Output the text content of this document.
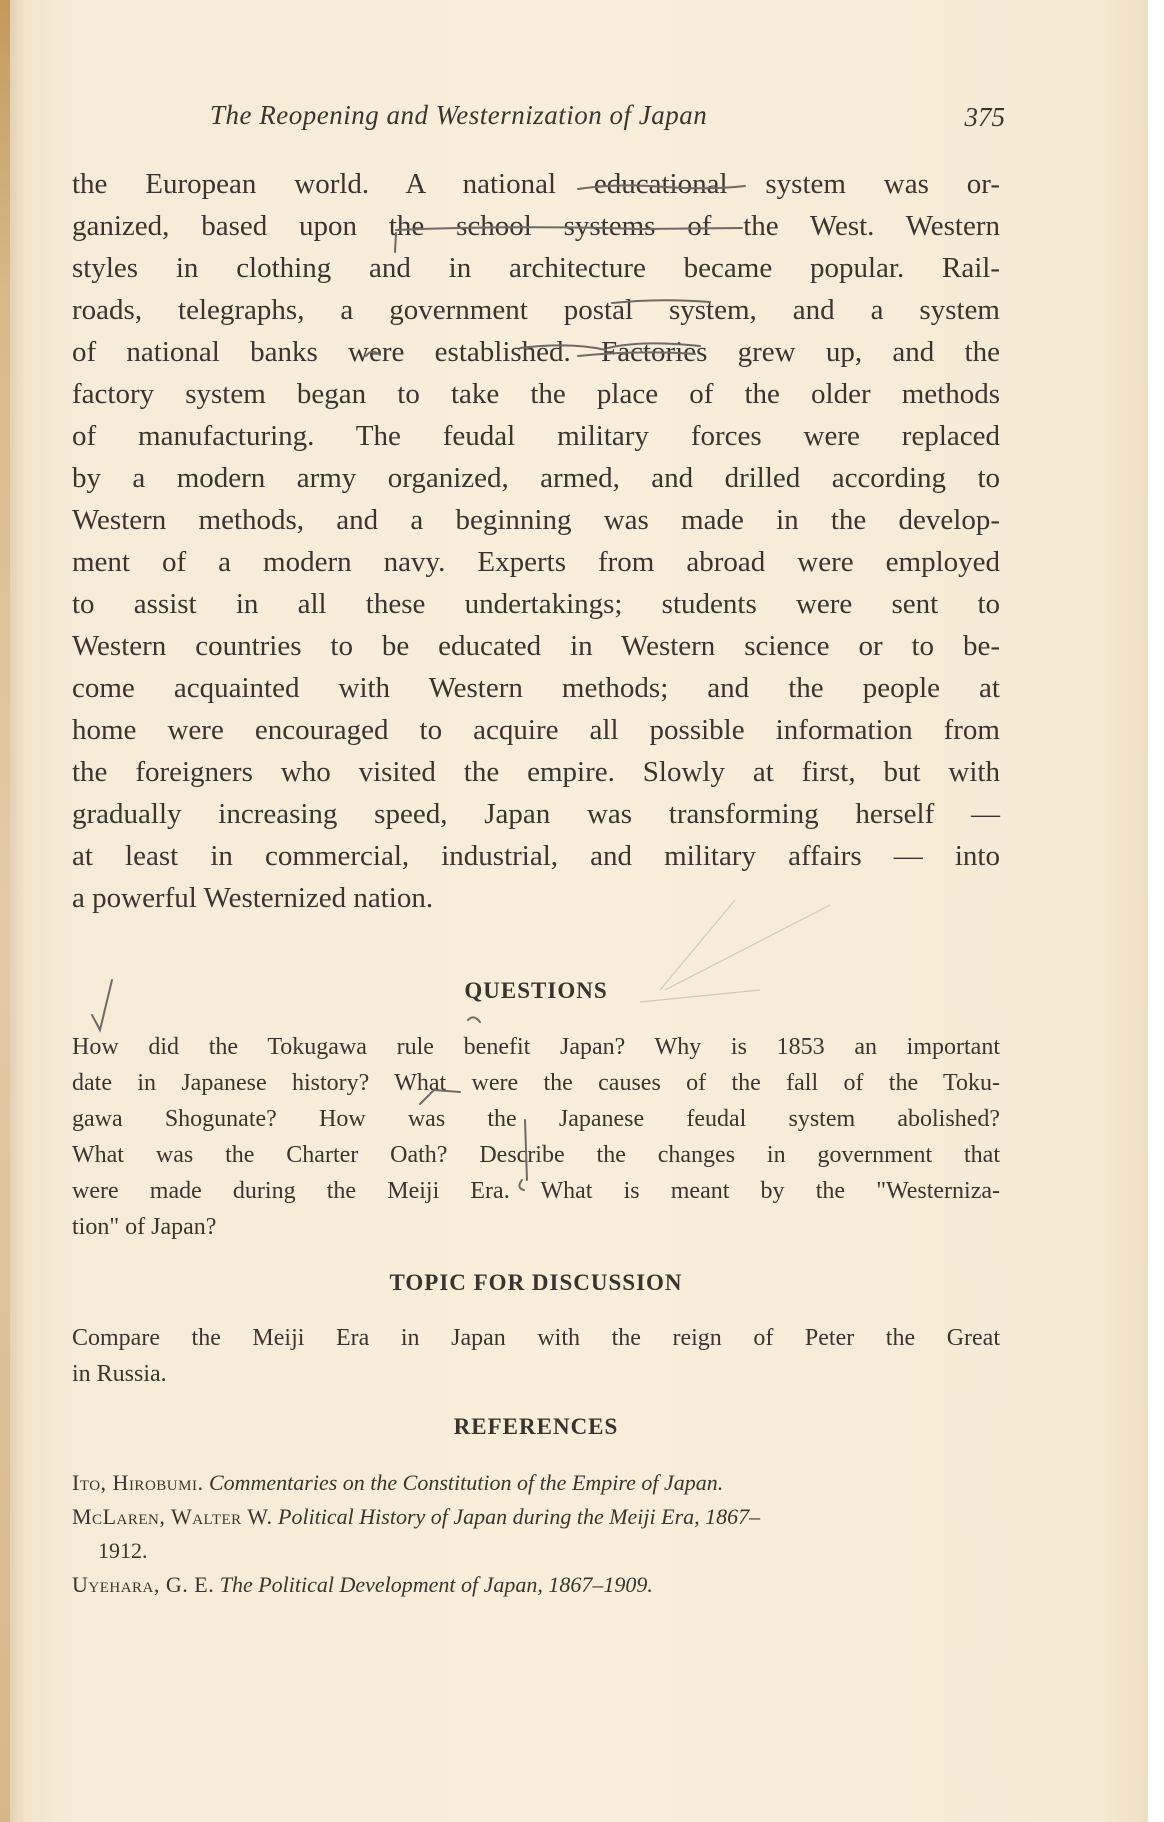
The Reopening and Westernization of Japan	375
the European world. A national educational system was or-
ganized, based upon the school systems of the West. Western
styles in clothing and in architecture became popular. Rail-
roads, telegraphs, a government postal system, and a system
of national banks were established. Factories grew up, and the
factory system began to take the place of the older methods
of manufacturing. The feudal military forces were replaced
by a modern army organized, armed, and drilled according to
Western methods, and a beginning was made in the develop-
ment of a modern navy. Experts from abroad were employed
to assist in all these undertakings; students were sent to
Western countries to be educated in Western science or to be-
come acquainted with Western methods; and the people at
home were encouraged to acquire all possible information from
the foreigners who visited the empire. Slowly at first, but with
gradually increasing speed, Japan was transforming herself —
at least in commercial, industrial, and military affairs — into
a powerful Westernized nation.
QUESTIONS
How did the Tokugawa rule benefit Japan? Why is 1853 an important
date in Japanese history? What were the causes of the fall of the Toku-
gawa Shogunate? How was the Japanese feudal system abolished?
What was the Charter Oath? Describe the changes in government that
were made during the Meiji Era. What is meant by the "Westerniza-
tion" of Japan?
TOPIC FOR DISCUSSION
Compare the Meiji Era in Japan with the reign of Peter the Great
in Russia.
REFERENCES
Ito, Hirobumi. Commentaries on the Constitution of the Empire of Japan.
McLaren, Walter W. Political History of Japan during the Meiji Era, 1867–
1912.
Uyehara, G. E. The Political Development of Japan, 1867–1909.
